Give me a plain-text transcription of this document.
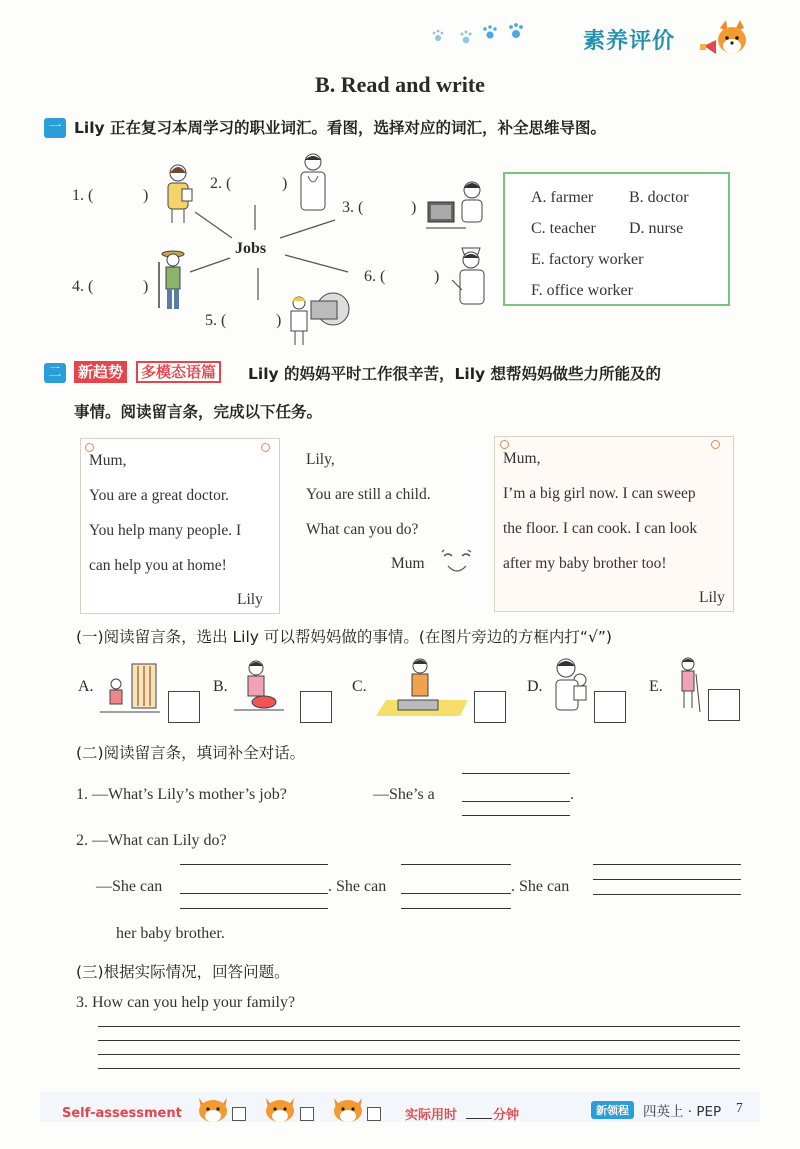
素养评价
B. Read and write
一 Lily 正在复习本周学习的职业词汇。看图，选择对应的词汇，补全思维导图。
Jobs
1. (	)
2. (	)
3. (	)
4. (	)
5. (	)
6. (	)
A. farmer B. doctor
C. teacher D. nurse
E. factory worker
F. office worker
二	新趋势	多模态语篇	Lily 的妈妈平时工作很辛苦，Lily 想帮妈妈做些力所能及的
事情。阅读留言条，完成以下任务。
Mum,
You are a great doctor.
You help many people. I
can help you at home!
Lily
Lily,
You are still a child.
What can you do?
Mum
Mum,
I’m a big girl now. I can sweep
the floor. I can cook. I can look
after my baby brother too!
Lily
(一)阅读留言条，选出 Lily 可以帮妈妈做的事情。(在图片旁边的方框内打“√”)
A.	B.	C.	D.	E.
(二)阅读留言条，填词补全对话。
1. —What’s Lily’s mother’s job?	—She’s a	.
2. —What can Lily do?
—She can	. She can	. She can
her baby brother.
(三)根据实际情况，回答问题。
3. How can you help your family?
Self-assessment	实际用时	分钟	新领程	四英上 · PEP 7
